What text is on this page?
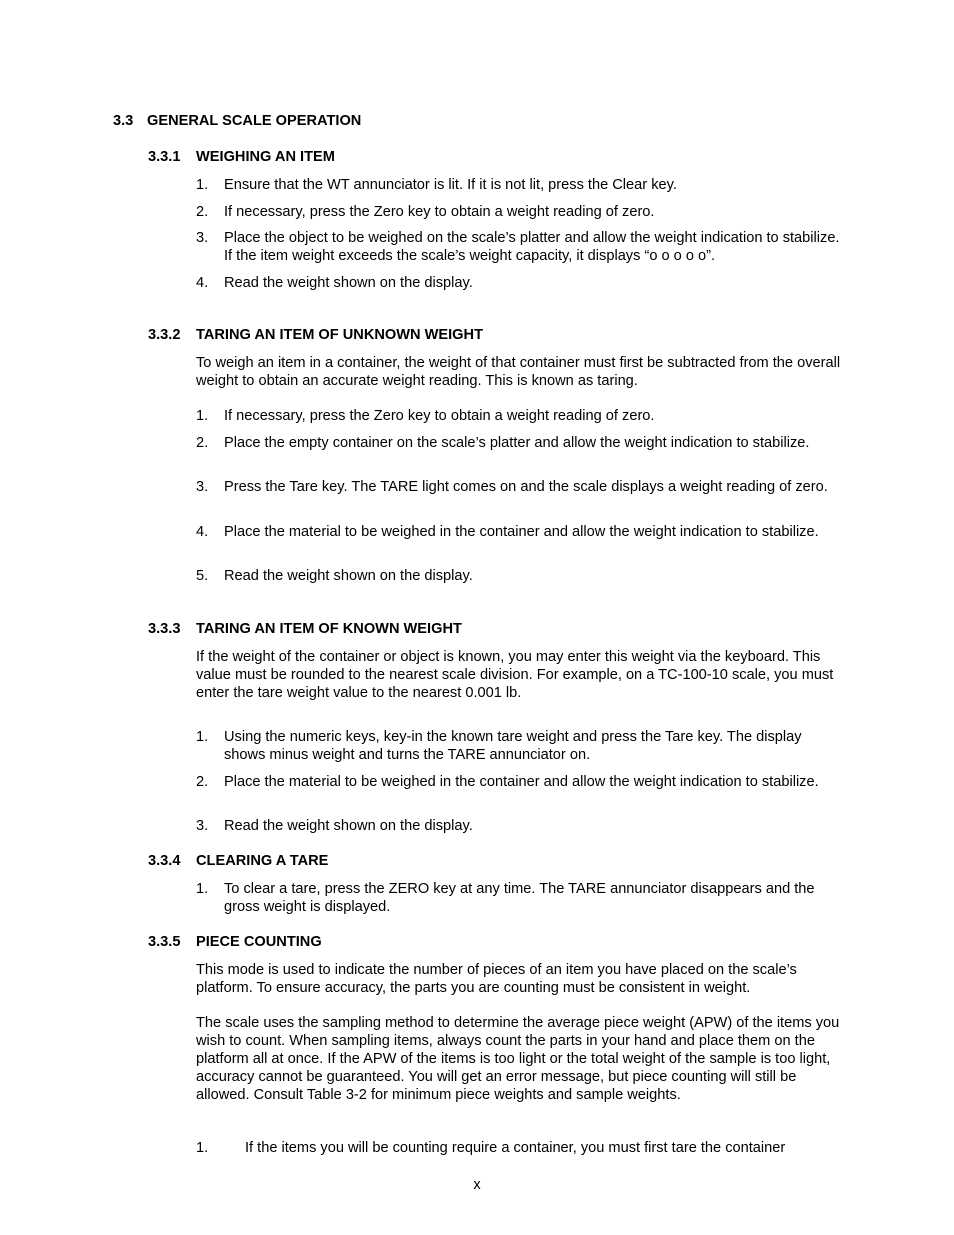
3.3 GENERAL SCALE OPERATION
3.3.1 WEIGHING AN ITEM
1. Ensure that the WT annunciator is lit. If it is not lit, press the Clear key.
2. If necessary, press the Zero key to obtain a weight reading of zero.
3. Place the object to be weighed on the scale’s platter and allow the weight indication to stabilize. If the item weight exceeds the scale’s weight capacity, it displays “o o o o o”.
4. Read the weight shown on the display.
3.3.2 TARING AN ITEM OF UNKNOWN WEIGHT
To weigh an item in a container, the weight of that container must first be subtracted from the overall weight to obtain an accurate weight reading. This is known as taring.
1. If necessary, press the Zero key to obtain a weight reading of zero.
2. Place the empty container on the scale’s platter and allow the weight indication to stabilize.
3. Press the Tare key. The TARE light comes on and the scale displays a weight reading of zero.
4. Place the material to be weighed in the container and allow the weight indication to stabilize.
5. Read the weight shown on the display.
3.3.3 TARING AN ITEM OF KNOWN WEIGHT
If the weight of the container or object is known, you may enter this weight via the keyboard. This value must be rounded to the nearest scale division. For example, on a TC-100-10 scale, you must enter the tare weight value to the nearest 0.001 lb.
1. Using the numeric keys, key-in the known tare weight and press the Tare key. The display shows minus weight and turns the TARE annunciator on.
2. Place the material to be weighed in the container and allow the weight indication to stabilize.
3. Read the weight shown on the display.
3.3.4 CLEARING A TARE
1. To clear a tare, press the ZERO key at any time. The TARE annunciator disappears and the gross weight is displayed.
3.3.5 PIECE COUNTING
This mode is used to indicate the number of pieces of an item you have placed on the scale’s platform. To ensure accuracy, the parts you are counting must be consistent in weight.
The scale uses the sampling method to determine the average piece weight (APW) of the items you wish to count. When sampling items, always count the parts in your hand and place them on the platform all at once. If the APW of the items is too light or the total weight of the sample is too light, accuracy cannot be guaranteed. You will get an error message, but piece counting will still be allowed. Consult Table 3-2 for minimum piece weights and sample weights.
1.	If the items you will be counting require a container, you must first tare the container
x
